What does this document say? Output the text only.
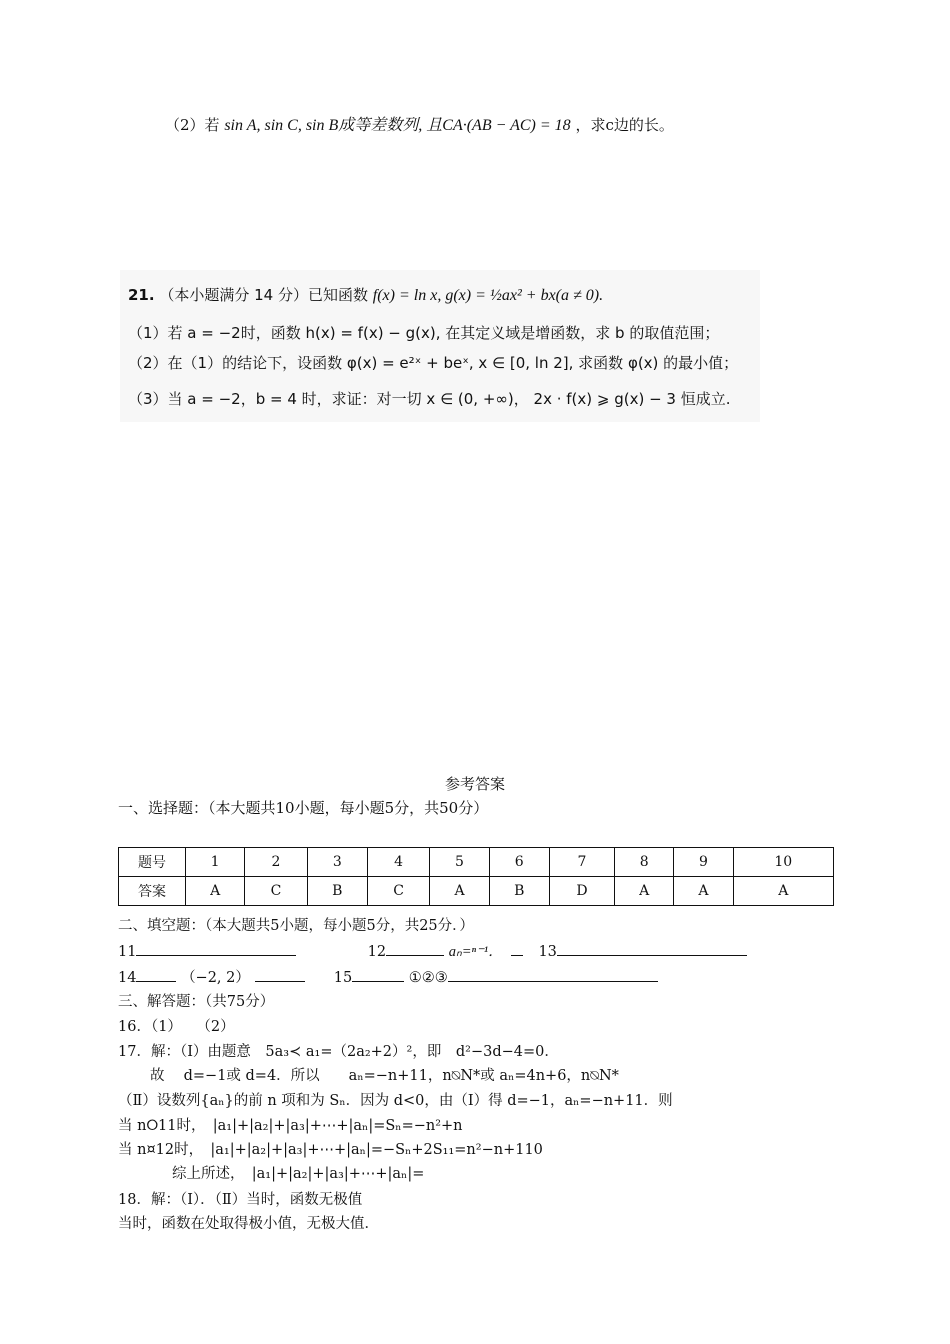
（2）若 sin A, sin C, sin B成等差数列, 且CA·(AB − AC) = 18 ，求c边的长。
21. （本小题满分 14 分）已知函数 f(x) = ln x, g(x) = ½ax² + bx(a ≠ 0).
（1）若 a = −2时，函数 h(x) = f(x) − g(x), 在其定义域是增函数，求 b 的取值范围；
（2）在（1）的结论下，设函数 φ(x) = e²ˣ + beˣ, x ∈ [0, ln 2], 求函数 φ(x) 的最小值；
（3）当 a = −2，b = 4 时，求证：对一切 x ∈ (0, +∞)， 2x · f(x) ⩾ g(x) − 3 恒成立.
参考答案
一、选择题：（本大题共10小题，每小题5分，共50分）
题号	1	2	3	4	5	6	7	8	9	10
答案	A	C	B	C	A	B	D	A	A	A
二、填空题：（本大题共5小题，每小题5分，共25分．）
11	12	aₙ=ⁿ⁻¹． 13
14	（−2, 2）	15	①②③
三、解答题：（共75分）
16．（1）　　（2）
17．解：（Ⅰ）由题意　5a₃≺ a₁=（2a₂+2）²，即　d²−3d−4=0．
故　 d=−1或 d=4．所以　　aₙ=−n+11，n⍉N*或 aₙ=4n+6，n⍉N*
（Ⅱ）设数列{aₙ}的前 n 项和为 Sₙ．因为 d<0，由（Ⅰ）得 d=−1，aₙ=−n+11．则
当 n⭘11时，　|a₁|+|a₂|+|a₃|+⋯+|aₙ|=Sₙ=−n²+n
当 n¤12时，　|a₁|+|a₂|+|a₃|+⋯+|aₙ|=−Sₙ+2S₁₁=n²−n+110
综上所述，　|a₁|+|a₂|+|a₃|+⋯+|aₙ|=
18．解：（Ⅰ）．（Ⅱ）当时，函数无极值
当时，函数在处取得极小值，无极大值．
